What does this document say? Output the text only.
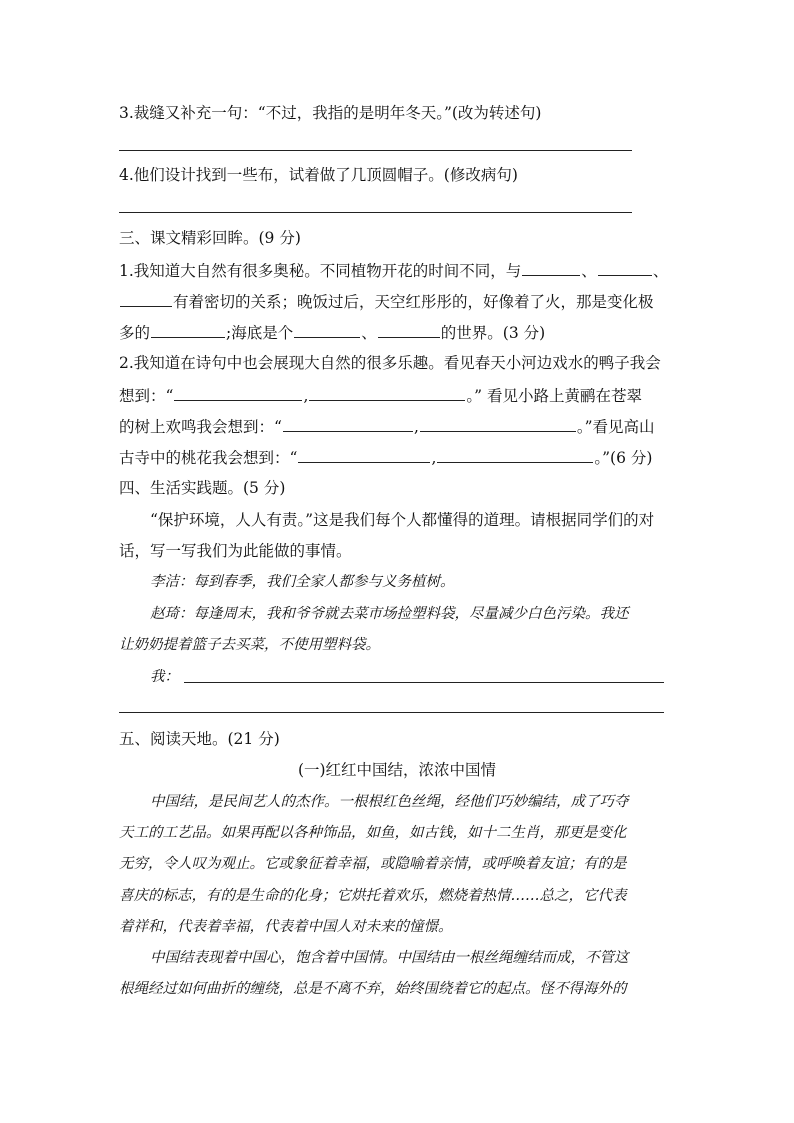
3.裁缝又补充一句：“不过，我指的是明年冬天。”(改为转述句)
4.他们设计找到一些布，试着做了几顶圆帽子。(修改病句)
三、课文精彩回眸。(9 分)
1.我知道大自然有很多奥秘。不同植物开花的时间不同，与	、	、
有着密切的关系；晚饭过后，天空红彤彤的，好像着了火，那是变化极
多的	;海底是个	、	的世界。(3 分)
2.我知道在诗句中也会展现大自然的很多乐趣。看见春天小河边戏水的鸭子我会
想到：“	,	。” 看见小路上黄鹂在苍翠
的树上欢鸣我会想到：“	,	。”看见高山
古寺中的桃花我会想到：“	,	。”(6 分)
四、生活实践题。(5 分)
“保护环境，人人有责。”这是我们每个人都懂得的道理。请根据同学们的对
话，写一写我们为此能做的事情。
李洁：每到春季，我们全家人都参与义务植树。
赵琦：每逢周末，我和爷爷就去菜市场捡塑料袋，尽量减少白色污染。我还
让奶奶提着篮子去买菜，不使用塑料袋。
我：
五、阅读天地。(21 分)
(一)红红中国结，浓浓中国情
中国结，是民间艺人的杰作。一根根红色丝绳，经他们巧妙编结，成了巧夺
天工的工艺品。如果再配以各种饰品，如鱼，如古钱，如十二生肖，那更是变化
无穷，令人叹为观止。它或象征着幸福，或隐喻着亲情，或呼唤着友谊；有的是
喜庆的标志，有的是生命的化身；它烘托着欢乐，燃烧着热情……总之，它代表
着祥和，代表着幸福，代表着中国人对未来的憧憬。
中国结表现着中国心，饱含着中国情。中国结由一根丝绳缠结而成，不管这
根绳经过如何曲折的缠绕，总是不离不弃，始终围绕着它的起点。怪不得海外的
